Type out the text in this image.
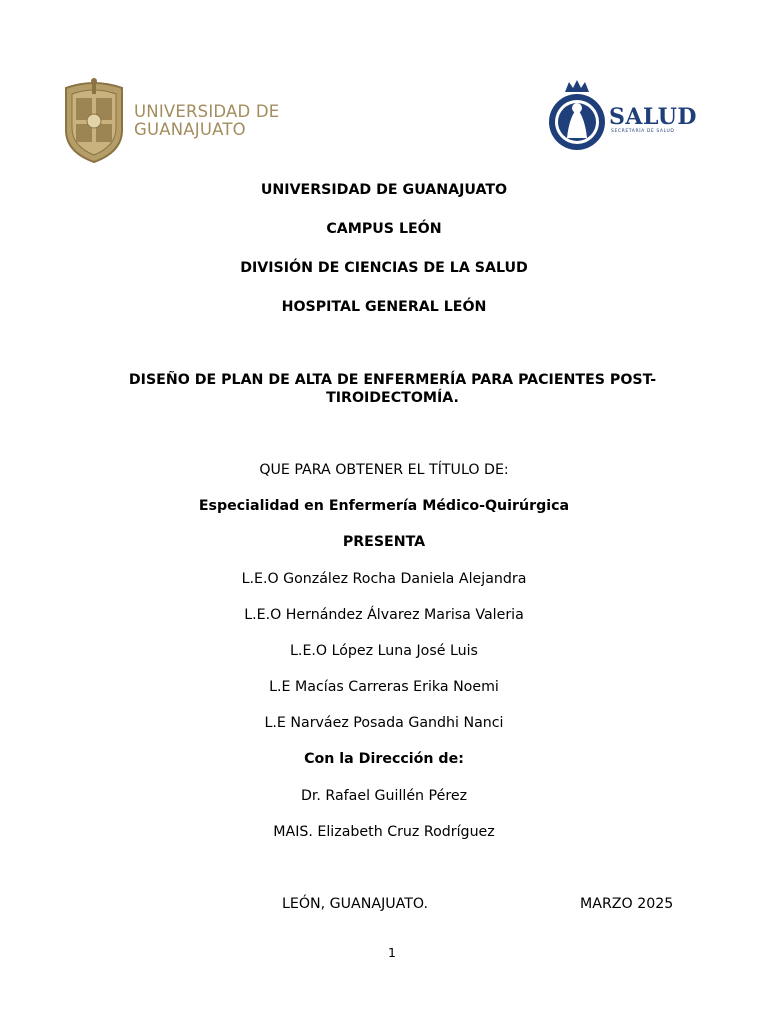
UNIVERSIDAD DE
GUANAJUATO	SALUD
SECRETARÍA DE SALUD
UNIVERSIDAD DE GUANAJUATO
CAMPUS LEÓN
DIVISIÓN DE CIENCIAS DE LA SALUD
HOSPITAL GENERAL LEÓN
DISEÑO DE PLAN DE ALTA DE ENFERMERÍA PARA PACIENTES POST-TIROIDECTOMÍA.
QUE PARA OBTENER EL TÍTULO DE:
Especialidad en Enfermería Médico-Quirúrgica
PRESENTA
L.E.O González Rocha Daniela Alejandra
L.E.O Hernández Álvarez Marisa Valeria
L.E.O López Luna José Luis
L.E Macías Carreras Erika Noemi
L.E Narváez Posada Gandhi Nanci
Con la Dirección de:
Dr. Rafael Guillén Pérez
MAIS. Elizabeth Cruz Rodríguez
LEÓN, GUANAJUATO.	MARZO 2025
1
